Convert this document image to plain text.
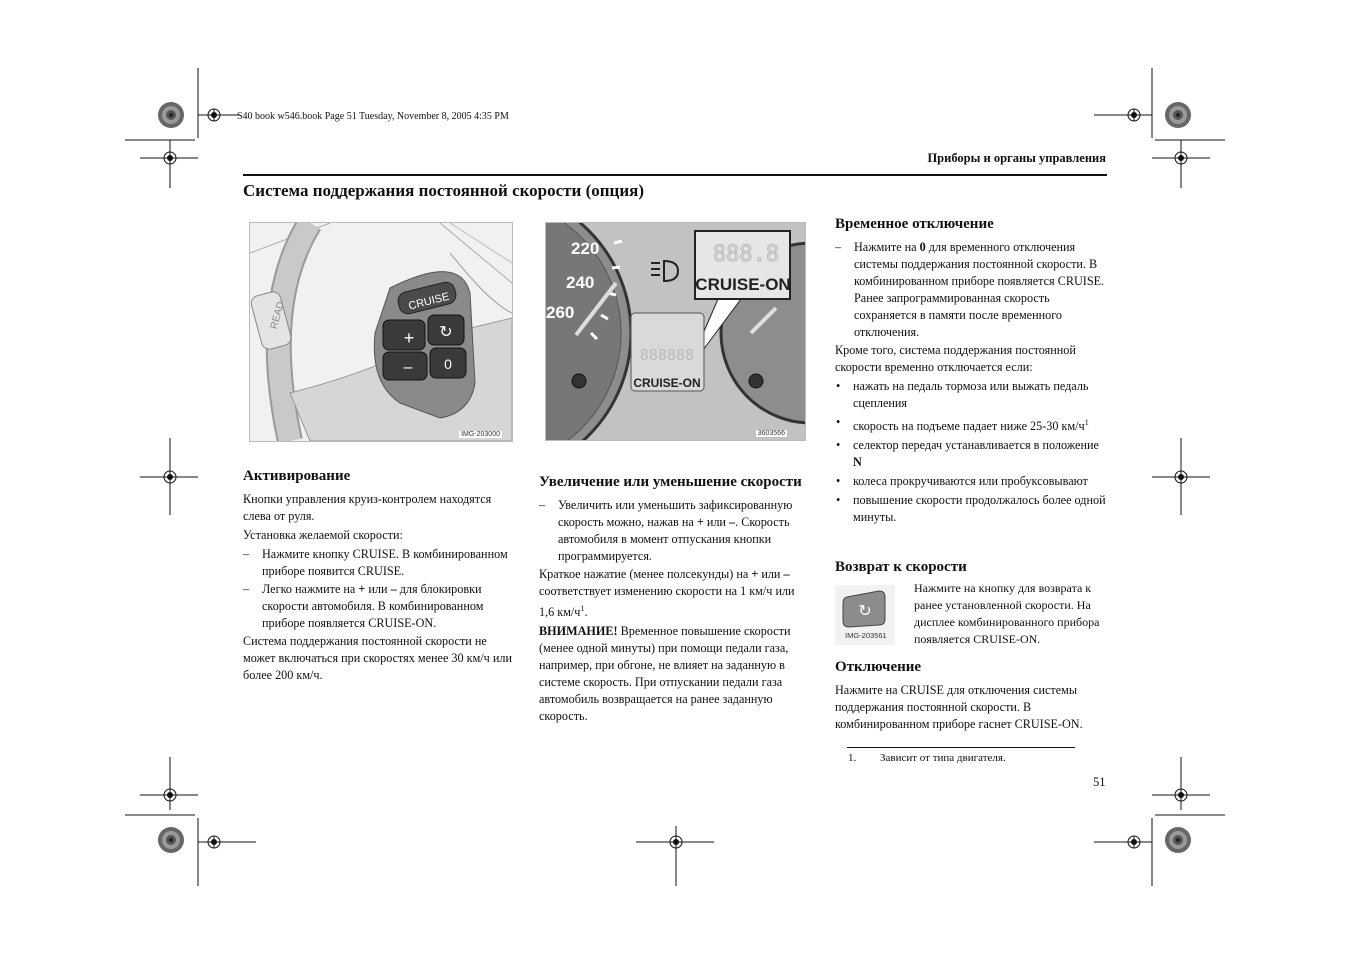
S40 book w546.book Page 51 Tuesday, November 8, 2005 4:35 PM
Приборы и органы управления
Система поддержания постоянной скорости (опция)
READ	CRUISE
+ ↻
– 0
IMG-203000
220
240
260
888.8
CRUISE-ON
888888
CRUISE-ON
3603566
Активирование

Кнопки управления круиз-контролем находятся слева от руля.

Установка желаемой скорости:

– Нажмите кнопку CRUISE. В комбинированном приборе появится CRUISE.
– Легко нажмите на + или – для блокировки скорости автомобиля. В комбинированном приборе появляется CRUISE-ON.

Система поддержания постоянной скорости не может включаться при скоростях менее 30 км/ч или более 200 км/ч.

Увеличение или уменьшение скорости
– Увеличить или уменьшить зафиксированную скорость можно, нажав на + или –. Скорость автомобиля в момент отпускания кнопки программируется.

Краткое нажатие (менее полсекунды) на + или – соответствует изменению скорости на 1 км/ч или 1,6 $км/ч^1$.

ВНИМАНИЕ! Временное повышение скорости (менее одной минуты) при помощи педали газа, например, при обгоне, не влияет на заданную в системе скорость. При отпускании педали газа автомобиль возвращается на ранее заданную скорость.

Временное отключение
– Нажмите на 0 для временного отключения системы поддержания постоянной скорости. В комбинированном приборе появляется CRUISE. Ранее запрограммированная скорость сохраняется в памяти после временного отключения.

Кроме того, система поддержания постоянной скорости временно отключается если:

• нажать на педаль тормоза или выжать педаль сцепления
• скорость на подъеме падает ниже 25-30 $км/ч^1$
• селектор передач устанавливается в положение N
• колеса прокручиваются или пробуксовывают
• повышение скорости продолжалось более одной минуты.
Возврат к скорости
↻
IMG-203561

Нажмите на кнопку для возврата к ранее установленной скорости. На дисплее комбинированного прибора появляется CRUISE-ON.

Отключение

Нажмите на CRUISE для отключения системы поддержания постоянной скорости. В комбинированном приборе гаснет CRUISE-ON.

1. Зависит от типа двигателя.
51
